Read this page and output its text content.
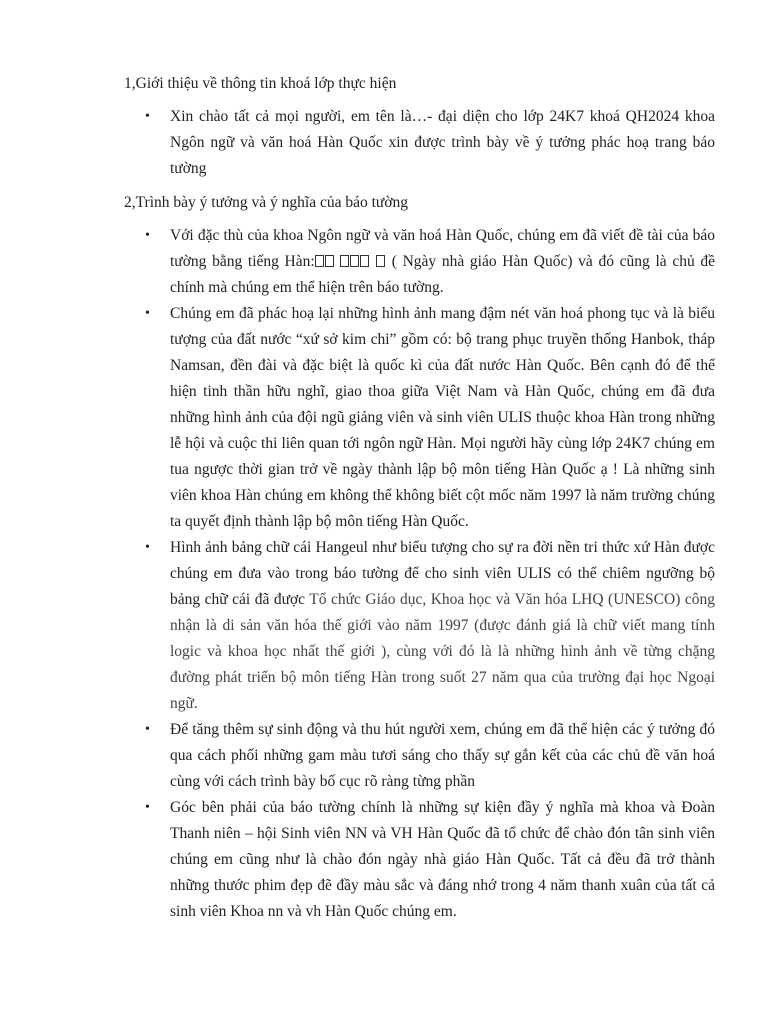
1,Giới thiệu về thông tin khoá lớp thực hiện
•	Xin chào tất cả mọi người, em tên là…- đại diện cho lớp 24K7 khoá QH2024 khoa Ngôn ngữ và văn hoá Hàn Quốc xin được trình bày về ý tưởng phác hoạ trang báo tường
2,Trình bày ý tưởng và ý nghĩa của báo tường
•	Với đặc thù của khoa Ngôn ngữ và văn hoá Hàn Quốc, chúng em đã viết đề tài của báo tường bằng tiếng Hàn:	( Ngày nhà giáo Hàn Quốc) và đó cũng là chủ đề chính mà chúng em thể hiện trên báo tường.
•	Chúng em đã phác hoạ lại những hình ảnh mang đậm nét văn hoá phong tục và là biểu tượng của đất nước “xứ sở kim chi” gồm có: bộ trang phục truyền thống Hanbok, tháp Namsan, đền đài và đặc biệt là quốc kì của đất nước Hàn Quốc. Bên cạnh đó để thể hiện tinh thần hữu nghĩ, giao thoa giữa Việt Nam và Hàn Quốc, chúng em đã đưa những hình ảnh của đội ngũ giảng viên và sinh viên ULIS thuộc khoa Hàn trong những lễ hội và cuộc thi liên quan tới ngôn ngữ Hàn. Mọi người hãy cùng lớp 24K7 chúng em tua ngược thời gian trở về ngày thành lập bộ môn tiếng Hàn Quốc ạ ! Là những sinh viên khoa Hàn chúng em không thể không biết cột mốc năm 1997 là năm trường chúng ta quyết định thành lập bộ môn tiếng Hàn Quốc.
•	Hình ảnh bảng chữ cái Hangeul như biểu tượng cho sự ra đời nền tri thức xứ Hàn được chúng em đưa vào trong báo tường để cho sinh viên ULIS có thể chiêm ngưỡng bộ bảng chữ cái đã được Tổ chức Giáo dục, Khoa học và Văn hóa LHQ (UNESCO) công nhận là di sản văn hóa thế giới vào năm 1997 (được đánh giá là chữ viết mang tính logic và khoa học nhất thế giới ), cùng với đó là là những hình ảnh về từng chặng đường phát triển bộ môn tiếng Hàn trong suốt 27 năm qua của trường đại học Ngoại ngữ.
•	Để tăng thêm sự sinh động và thu hút người xem, chúng em đã thể hiện các ý tưởng đó qua cách phối những gam màu tươi sáng cho thấy sự gắn kết của các chủ đề văn hoá cùng với cách trình bày bố cục rõ ràng từng phần
•	Góc bên phải của báo tường chính là những sự kiện đầy ý nghĩa mà khoa và Đoàn Thanh niên – hội Sinh viên NN và VH Hàn Quốc đã tổ chức để chào đón tân sinh viên chúng em cũng như là chào đón ngày nhà giáo Hàn Quốc. Tất cả đều đã trở thành những thước phim đẹp đẽ đầy màu sắc và đáng nhớ trong 4 năm thanh xuân của tất cả sinh viên Khoa nn và vh Hàn Quốc chúng em.
